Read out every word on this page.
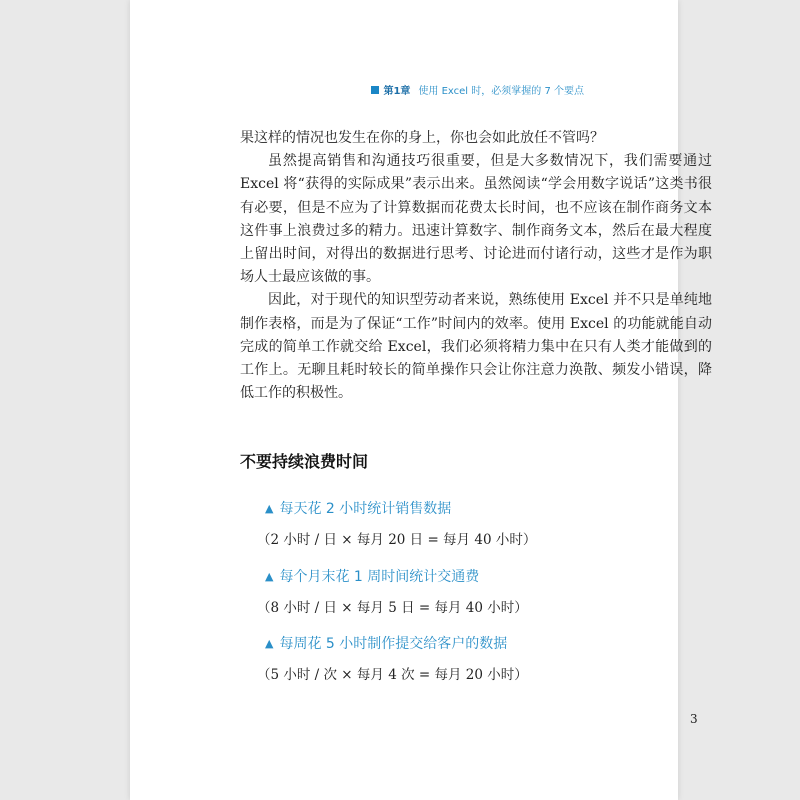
第1章 使用 Excel 时，必须掌握的 7 个要点

果这样的情况也发生在你的身上，你也会如此放任不管吗？

虽然提高销售和沟通技巧很重要，但是大多数情况下，我们需要通过 Excel 将“获得的实际成果”表示出来。虽然阅读“学会用数字说话”这类书很有必要，但是不应为了计算数据而花费太长时间，也不应该在制作商务文本这件事上浪费过多的精力。迅速计算数字、制作商务文本，然后在最大程度上留出时间，对得出的数据进行思考、讨论进而付诸行动，这些才是作为职场人士最应该做的事。

因此，对于现代的知识型劳动者来说，熟练使用 Excel 并不只是单纯地制作表格，而是为了保证“工作”时间内的效率。使用 Excel 的功能就能自动完成的简单工作就交给 Excel，我们必须将精力集中在只有人类才能做到的工作上。无聊且耗时较长的简单操作只会让你注意力涣散、频发小错误，降低工作的积极性。

不要持续浪费时间
▲ 每天花 2 小时统计销售数据
（2 小时 / 日 × 每月 20 日 = 每月 40 小时）
▲ 每个月末花 1 周时间统计交通费
（8 小时 / 日 × 每月 5 日 = 每月 40 小时）
▲ 每周花 5 小时制作提交给客户的数据
（5 小时 / 次 × 每月 4 次 = 每月 20 小时）
3
